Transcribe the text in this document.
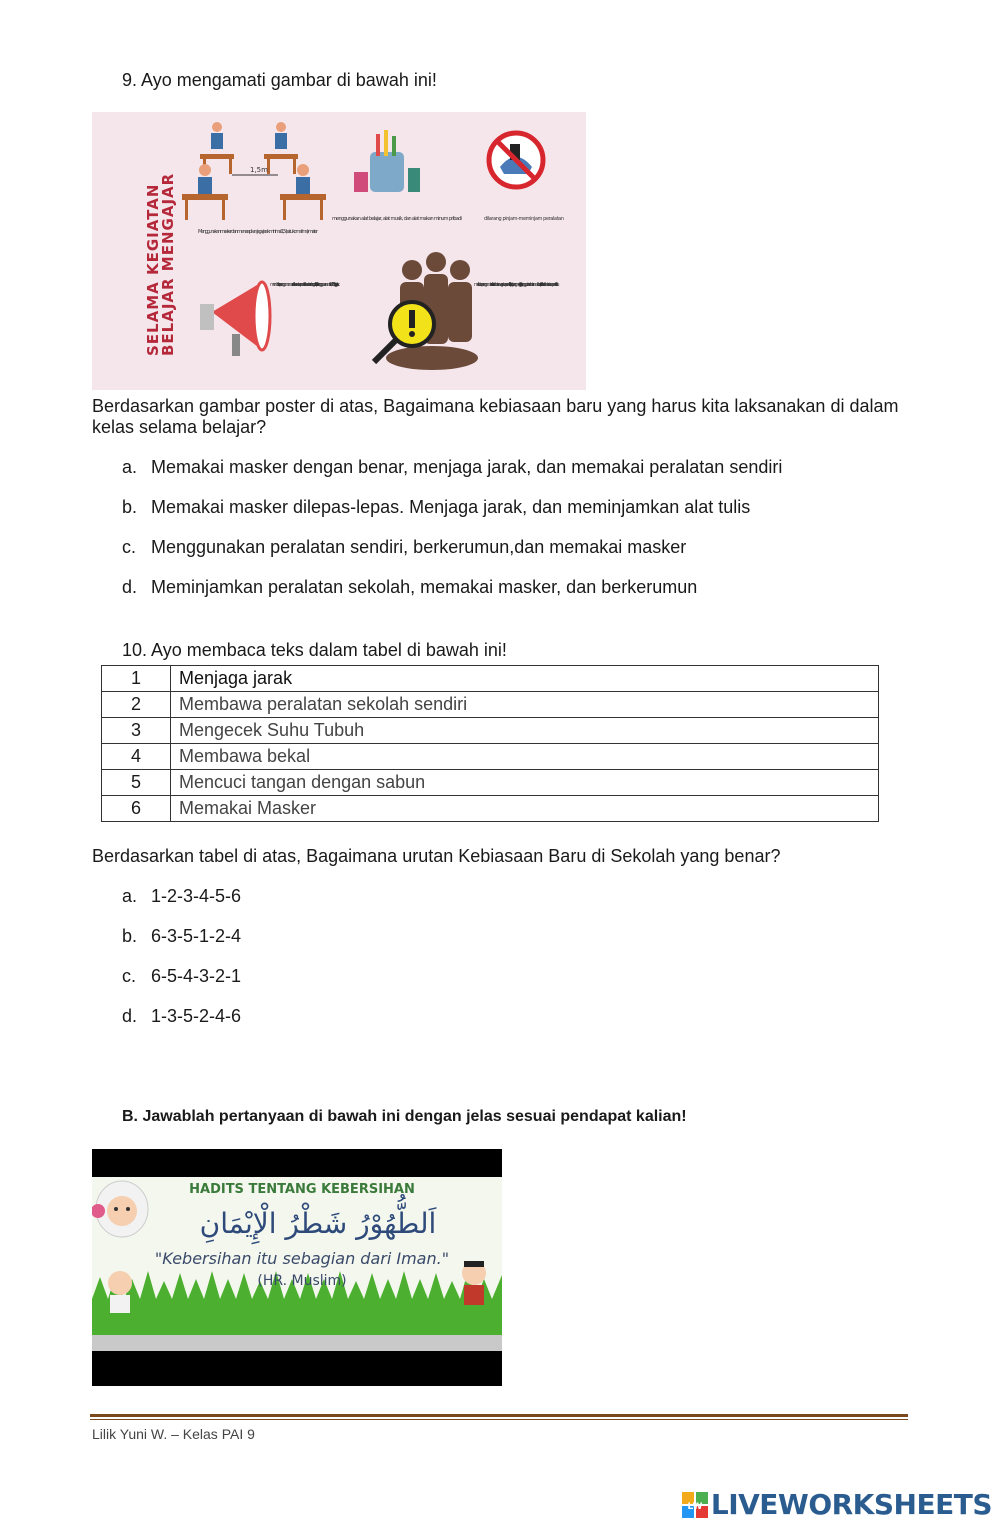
9. Ayo mengamati gambar di bawah ini!
SELAMA KEGIATAN
BELAJAR MENGAJAR
1,5m
Menggunakan masker dan menerapkan jaga jarak minimal 1,5 (satu koma lima) meter
menggunakan alat belajar, alat musik, dan alat makan minum pribadi	dilarang pinjam-meminjam peralatan
memberikan pengumuman di seluruh area satuan pendidikan secara berulang dan intensif terkait penggunaan masker, CTPS, dan jaga jarak	melakukan pengamatan visual kesehatan warga satuan pendidikan, jika ada yang memiliki gejala gangguan kesehatan maka harus ikuti protokol kesehatan satuan pendidikan.
Berdasarkan gambar poster di atas, Bagaimana kebiasaan baru yang harus kita laksanakan di dalam kelas selama belajar?
a. Memakai masker dengan benar, menjaga jarak, dan memakai peralatan sendiri
b. Memakai masker dilepas-lepas. Menjaga jarak, dan meminjamkan alat tulis
c. Menggunakan peralatan sendiri, berkerumun,dan memakai masker
d. Meminjamkan peralatan sekolah, memakai masker, dan berkerumun
10. Ayo membaca teks dalam tabel di bawah ini!
1	Menjaga jarak
2	Membawa peralatan sekolah sendiri
3	Mengecek Suhu Tubuh
4	Membawa bekal
5	Mencuci tangan dengan sabun
6	Memakai Masker
Berdasarkan tabel di atas, Bagaimana urutan Kebiasaan Baru di Sekolah yang benar?
a. 1-2-3-4-5-6
b. 6-3-5-1-2-4
c. 6-5-4-3-2-1
d. 1-3-5-2-4-6
B. Jawablah pertanyaan di bawah ini dengan jelas sesuai pendapat kalian!
HADITS TENTANG KEBERSIHAN
اَلطُّهُوْرُ شَطْرُ الْإِيْمَانِ
"Kebersihan itu sebagian dari Iman."
(HR. Muslim)
Lilik Yuni W. – Kelas PAI 9
LW LIVEWORKSHEETS
